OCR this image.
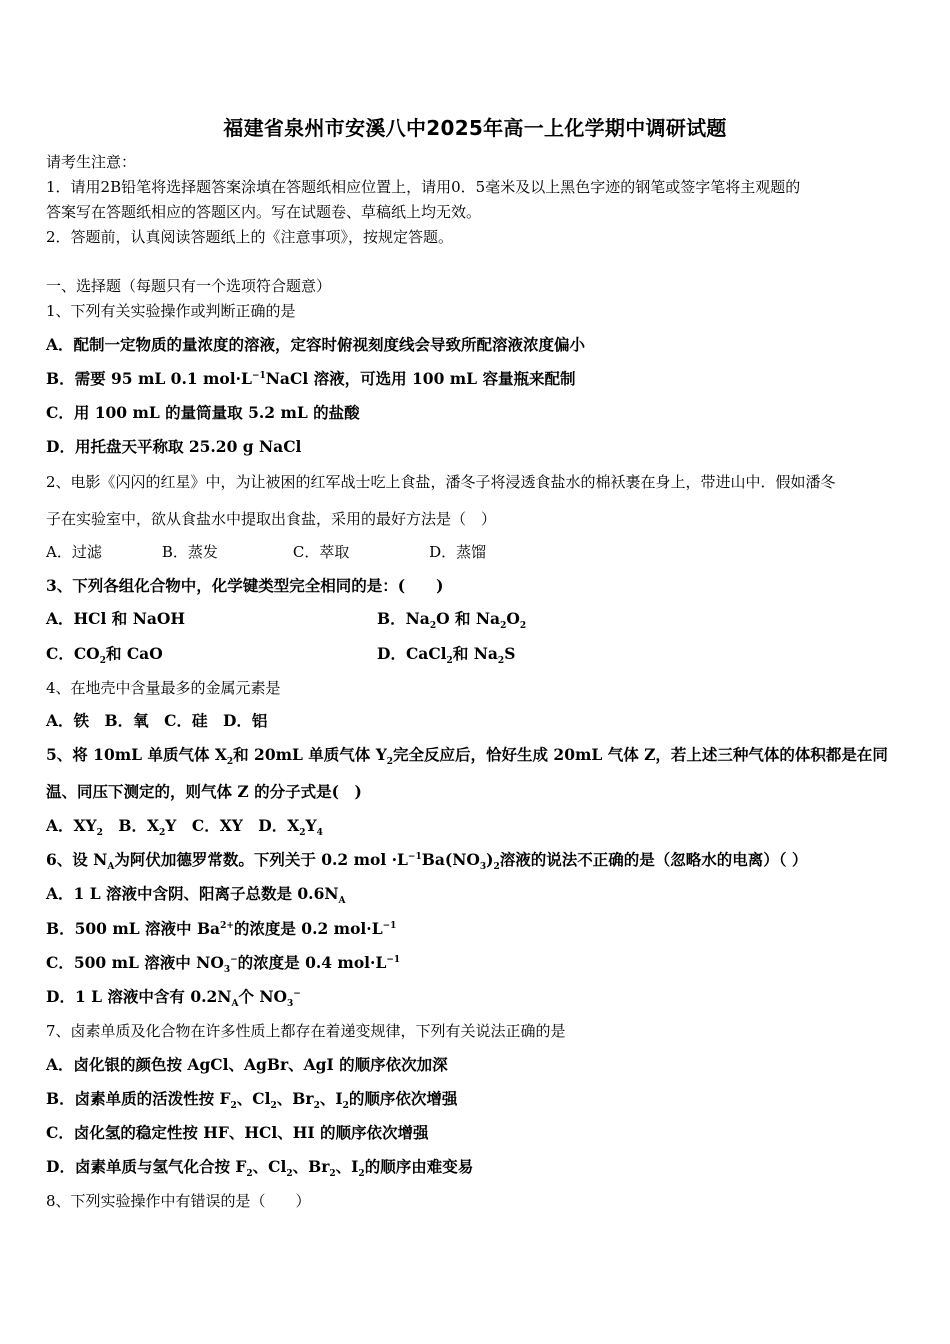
福建省泉州市安溪八中2025年高一上化学期中调研试题
请考生注意：
1．请用2B铅笔将选择题答案涂填在答题纸相应位置上，请用0．5毫米及以上黑色字迹的钢笔或签字笔将主观题的
答案写在答题纸相应的答题区内。写在试题卷、草稿纸上均无效。
2．答题前，认真阅读答题纸上的《注意事项》，按规定答题。
一、选择题（每题只有一个选项符合题意）
1、下列有关实验操作或判断正确的是
A．配制一定物质的量浓度的溶液，定容时俯视刻度线会导致所配溶液浓度偏小
B．需要 95 mL 0.1 $mol\cdot L^{-1}NaCl$ 溶液，可选用 100 mL 容量瓶来配制
C．用 100 mL 的量筒量取 5.2 mL 的盐酸
D．用托盘天平称取 25.20 g NaCl
2、电影《闪闪的红星》中，为让被困的红军战士吃上食盐，潘冬子将浸透食盐水的棉袄裹在身上，带进山中．假如潘冬
子在实验室中，欲从食盐水中提取出食盐，采用的最好方法是（　）
A．过滤　　　　B．蒸发　　　　　C．萃取　　　　　 D．蒸馏
3、下列各组化合物中，化学键类型完全相同的是：(　　)
A．HCl 和 NaOH	B．$Na_2O$ 和 $Na_2O_2$
C．$CO_2$和 CaO	D．CaCl$_2$和 $Na_2S$
4、在地壳中含量最多的金属元素是
A．铁　B．氧　C．硅　D．铝
5、将 10mL 单质气体 $X_2$和 20mL 单质气体 $Y_2$完全反应后，恰好生成 20mL 气体 Z，若上述三种气体的体积都是在同
温、同压下测定的，则气体 Z 的分子式是(　)
A．$XY_2$　B．$X_2Y$　C．XY　D．$X_2Y_4$
6、设 $N_A$为阿伏加德罗常数。下列关于 0.2 mol $\cdot L^{-1}Ba(NO_3)_2$溶液的说法不正确的是（忽略水的电离）（ ）
A．1 L 溶液中含阴、阳离子总数是 $0.6N_A$
B．500 mL 溶液中 $Ba^{2+}$的浓度是 0.2 $mol\cdot L^{-1}$
C．500 mL 溶液中 $NO_3^-$的浓度是 0.4 $mol\cdot L^{-1}$
D．1 L 溶液中含有 $0.2N_A$个 $NO_3^-$
7、卤素单质及化合物在许多性质上都存在着递变规律，下列有关说法正确的是
A．卤化银的颜色按 AgCl、AgBr、AgI 的顺序依次加深
B．卤素单质的活泼性按 $F_2$、$Cl_2$、$Br_2$、$I_2$的顺序依次增强
C．卤化氢的稳定性按 HF、HCl、HI 的顺序依次增强
D．卤素单质与氢气化合按 $F_2$、$Cl_2$、$Br_2$、$I_2$的顺序由难变易
8、下列实验操作中有错误的是（　　）
